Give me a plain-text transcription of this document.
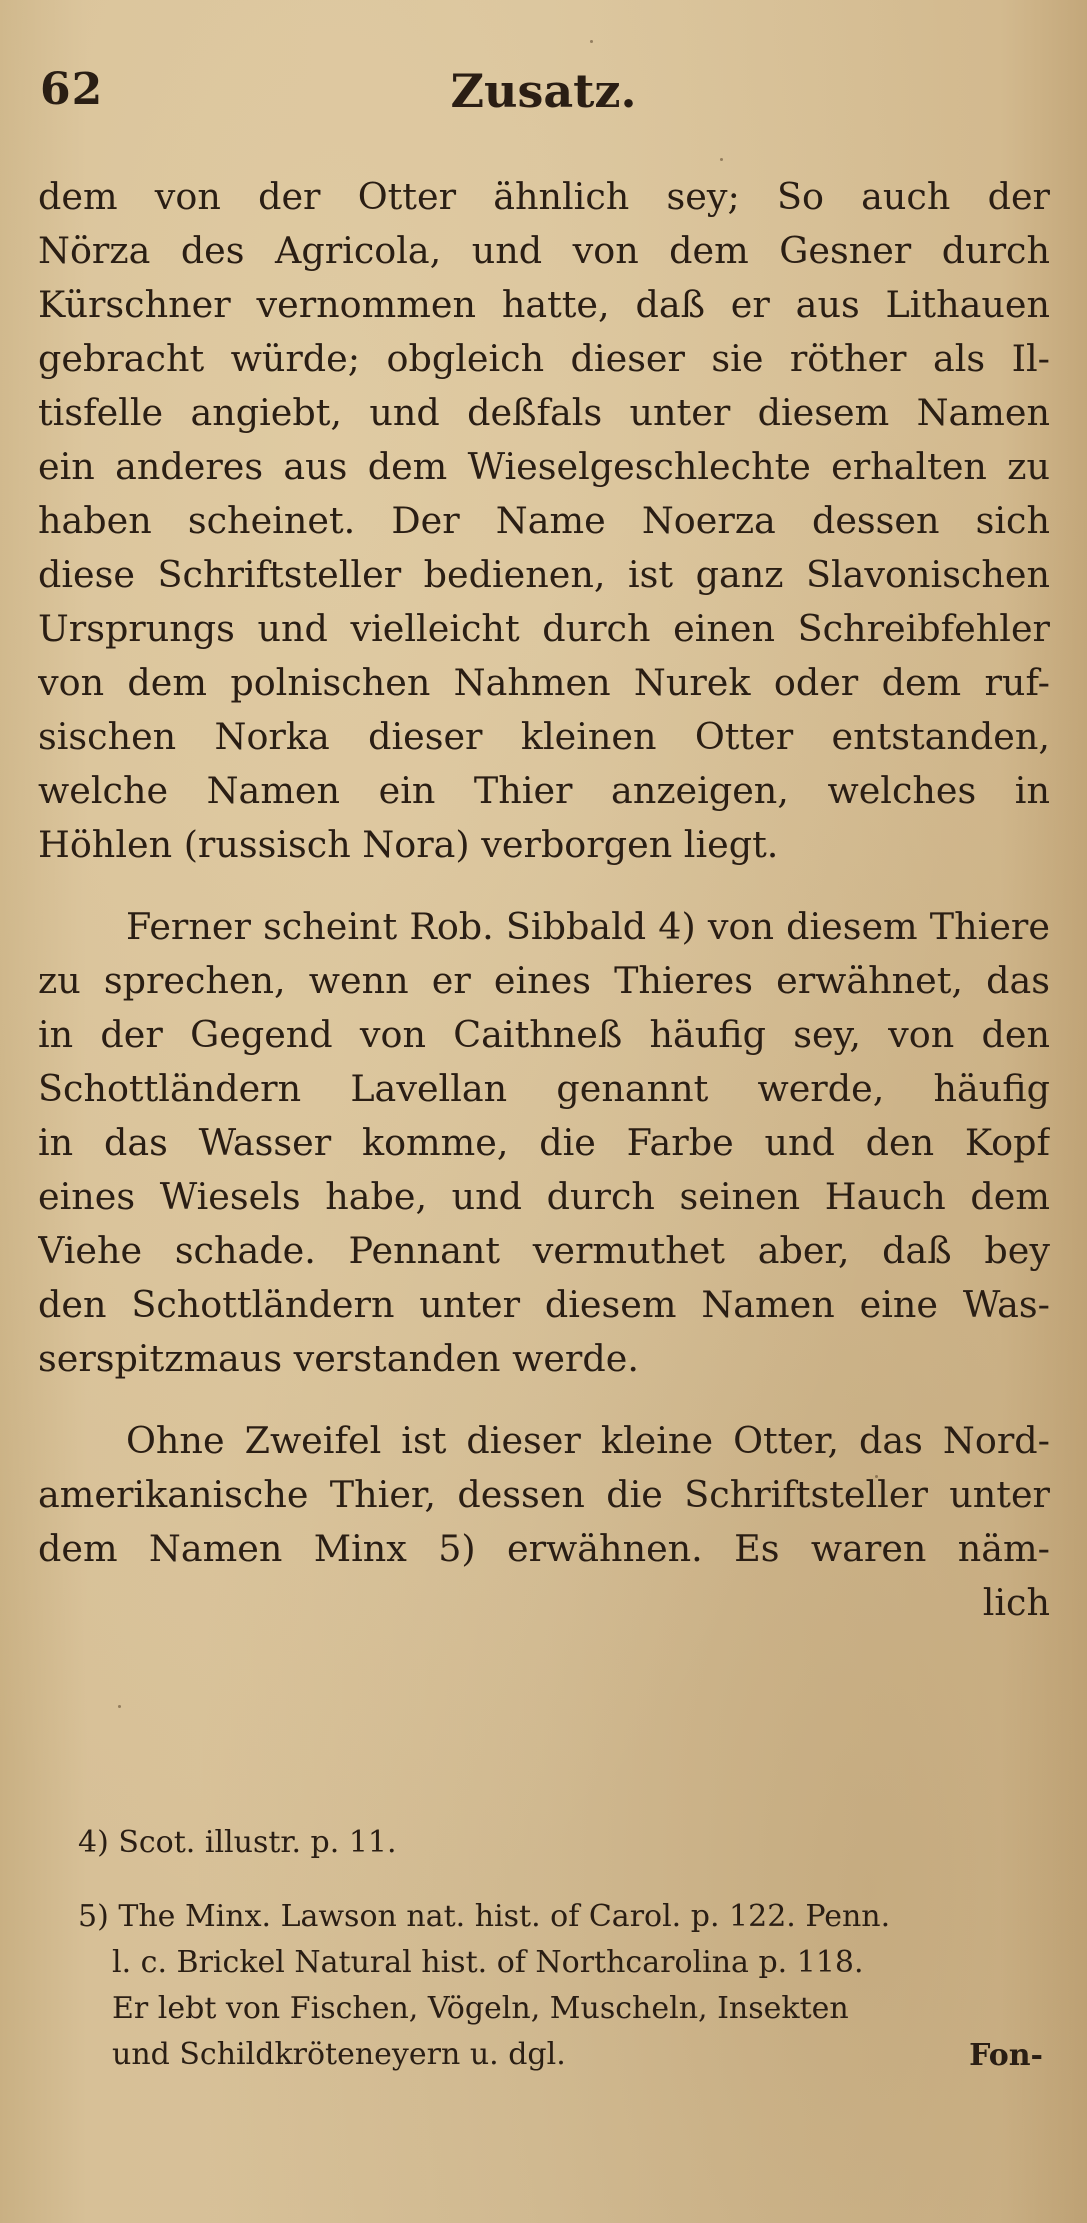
62	Zusatz.
dem von der Otter ähnlich sey; So auch der
Nörza des Agricola, und von dem Gesner durch
Kürschner vernommen hatte, daß er aus Lithauen
gebracht würde; obgleich dieser sie röther als Il-
tisfelle angiebt, und deßfals unter diesem Namen
ein anderes aus dem Wieselgeschlechte erhalten zu
haben scheinet. Der Name Noerza dessen sich
diese Schriftsteller bedienen, ist ganz Slavonischen
Ursprungs und vielleicht durch einen Schreibfehler
von dem polnischen Nahmen Nurek oder dem ruf-
sischen Norka dieser kleinen Otter entstanden,
welche Namen ein Thier anzeigen, welches in
Höhlen (russisch Nora) verborgen liegt.
Ferner scheint Rob. Sibbald 4) von diesem Thiere
zu sprechen, wenn er eines Thieres erwähnet, das
in der Gegend von Caithneß häufig sey, von den
Schottländern Lavellan genannt werde, häufig
in das Wasser komme, die Farbe und den Kopf
eines Wiesels habe, und durch seinen Hauch dem
Viehe schade. Pennant vermuthet aber, daß bey
den Schottländern unter diesem Namen eine Was-
serspitzmaus verstanden werde.
Ohne Zweifel ist dieser kleine Otter, das Nord-
amerikanische Thier, dessen die Schriftsteller unter
dem Namen Minx 5) erwähnen. Es waren näm-
lich
4) Scot. illustr. p. 11.
5) The Minx. Lawson nat. hist. of Carol. p. 122. Penn.
l. c. Brickel Natural hist. of Northcarolina p. 118.
Er lebt von Fischen, Vögeln, Muscheln, Insekten
und Schildkröteneyern u. dgl.	Fon-
